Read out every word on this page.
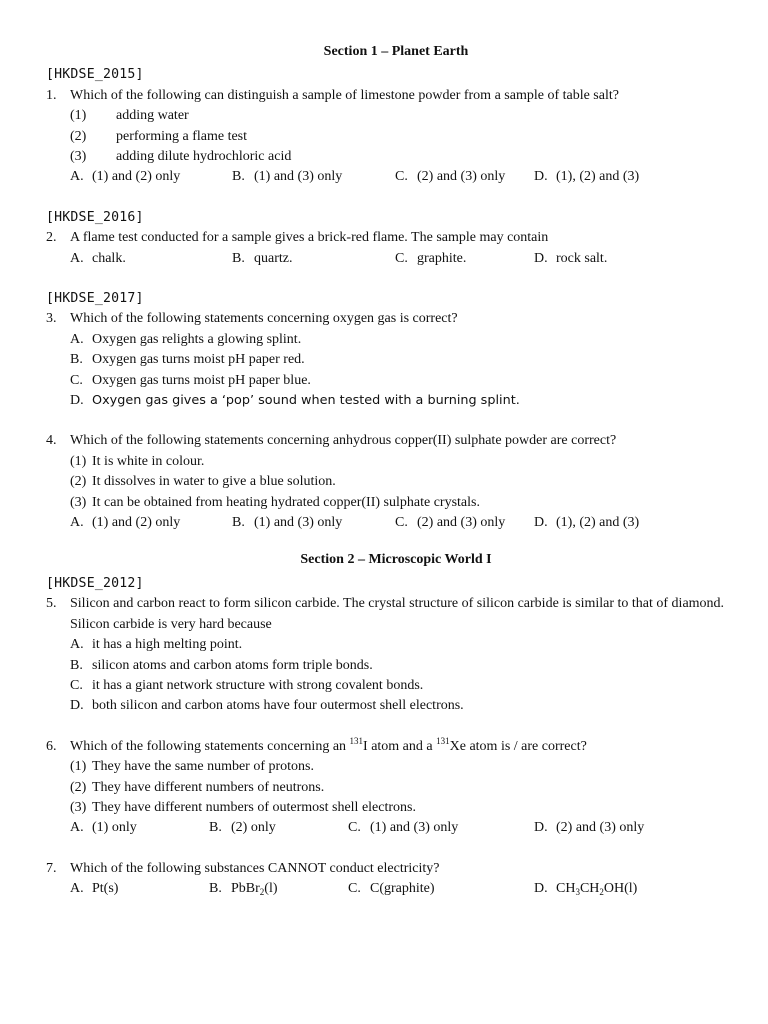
Section 1 – Planet Earth
[HKDSE_2015]
1. Which of the following can distinguish a sample of limestone powder from a sample of table salt?
(1) adding water
(2) performing a flame test
(3) adding dilute hydrochloric acid
A. (1) and (2) only	B. (1) and (3) only	C. (2) and (3) only D. (1), (2) and (3)
[HKDSE_2016]
2. A flame test conducted for a sample gives a brick-red flame. The sample may contain
A. chalk.	B. quartz.	C. graphite.	D. rock salt.
[HKDSE_2017]
3. Which of the following statements concerning oxygen gas is correct?
A. Oxygen gas relights a glowing splint.
B. Oxygen gas turns moist pH paper red.
C. Oxygen gas turns moist pH paper blue.
D. Oxygen gas gives a ‘pop’ sound when tested with a burning splint.
4. Which of the following statements concerning anhydrous copper(II) sulphate powder are correct?
(1) It is white in colour.
(2) It dissolves in water to give a blue solution.
(3) It can be obtained from heating hydrated copper(II) sulphate crystals.
A. (1) and (2) only	B. (1) and (3) only	C. (2) and (3) only D. (1), (2) and (3)
Section 2 – Microscopic World I
[HKDSE_2012]
5. Silicon and carbon react to form silicon carbide. The crystal structure of silicon carbide is similar to that of diamond. Silicon carbide is very hard because
A. it has a high melting point.
B. silicon atoms and carbon atoms form triple bonds.
C. it has a giant network structure with strong covalent bonds.
D. both silicon and carbon atoms have four outermost shell electrons.
6. Which of the following statements concerning an $^{131}$I atom and a $^{131}$Xe atom is / are correct?
(1) They have the same number of protons.
(2) They have different numbers of neutrons.
(3) They have different numbers of outermost shell electrons.
A. (1) only	B. (2) only	C. (1) and (3) only	D. (2) and (3) only
7. Which of the following substances CANNOT conduct electricity?
A. Pt(s)	B. PbBr$_2$(l)	C. C(graphite)	D. $CH_3CH_2OH(l)$
